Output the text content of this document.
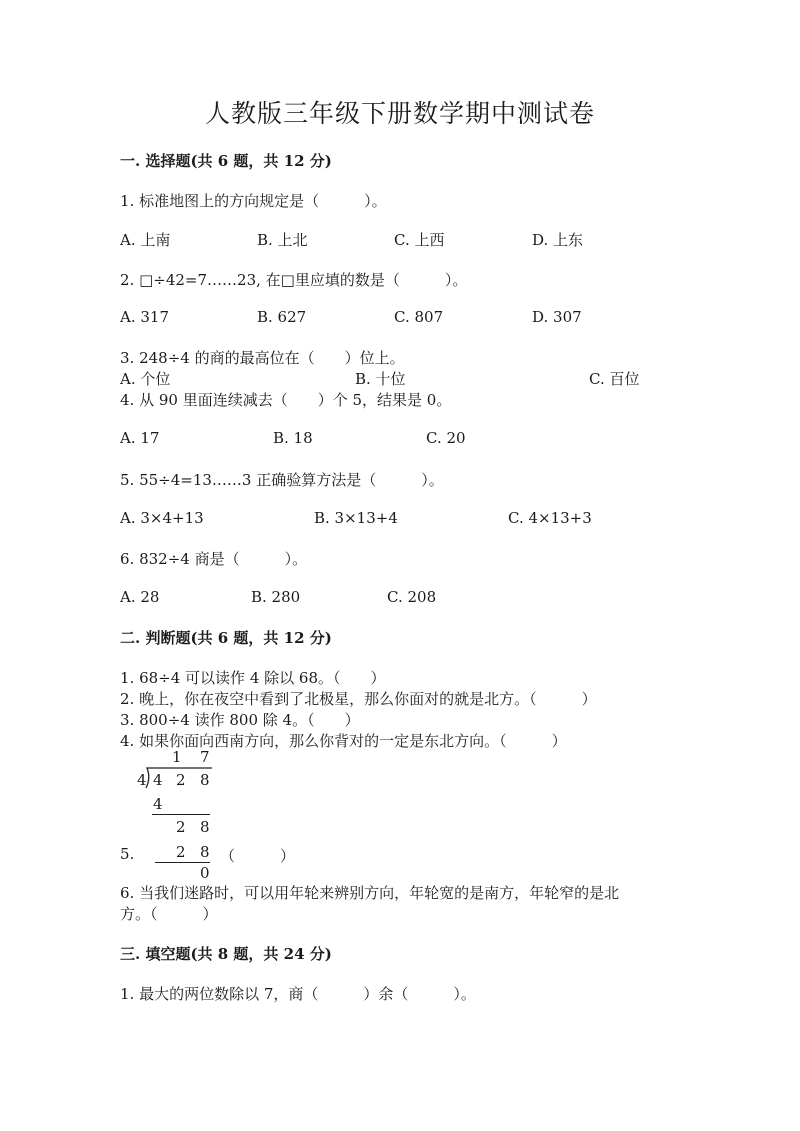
人教版三年级下册数学期中测试卷
一. 选择题(共 6 题，共 12 分)
1. 标准地图上的方向规定是（　　　）。
A. 上南	B. 上北	C. 上西	D. 上东
2. □÷42=7……23, 在□里应填的数是（　　　）。
A. 317	B. 627	C. 807	D. 307
3. 248÷4 的商的最高位在（　　）位上。
A. 个位	B. 十位	C. 百位
4. 从 90 里面连续减去（　　）个 5，结果是 0。
A. 17	B. 18	C. 20
5. 55÷4=13……3 正确验算方法是（　　　）。
A. 3×4+13	B. 3×13+4	C. 4×13+3
6. 832÷4 商是（　　　）。
A. 28	B. 280	C. 208
二. 判断题(共 6 题，共 12 分)
1. 68÷4 可以读作 4 除以 68。（　　）
2. 晚上，你在夜空中看到了北极星，那么你面对的就是北方。（　　　）
3. 800÷4 读作 800 除 4。（　　）
4. 如果你面向西南方向，那么你背对的一定是东北方向。（　　　）
1 7
4 4 2 8
4
2 8
2 8
0
5.	（　　　）
6. 当我们迷路时，可以用年轮来辨别方向，年轮宽的是南方，年轮窄的是北
方。（　　　）
三. 填空题(共 8 题，共 24 分)
1. 最大的两位数除以 7，商（　　　）余（　　　）。
